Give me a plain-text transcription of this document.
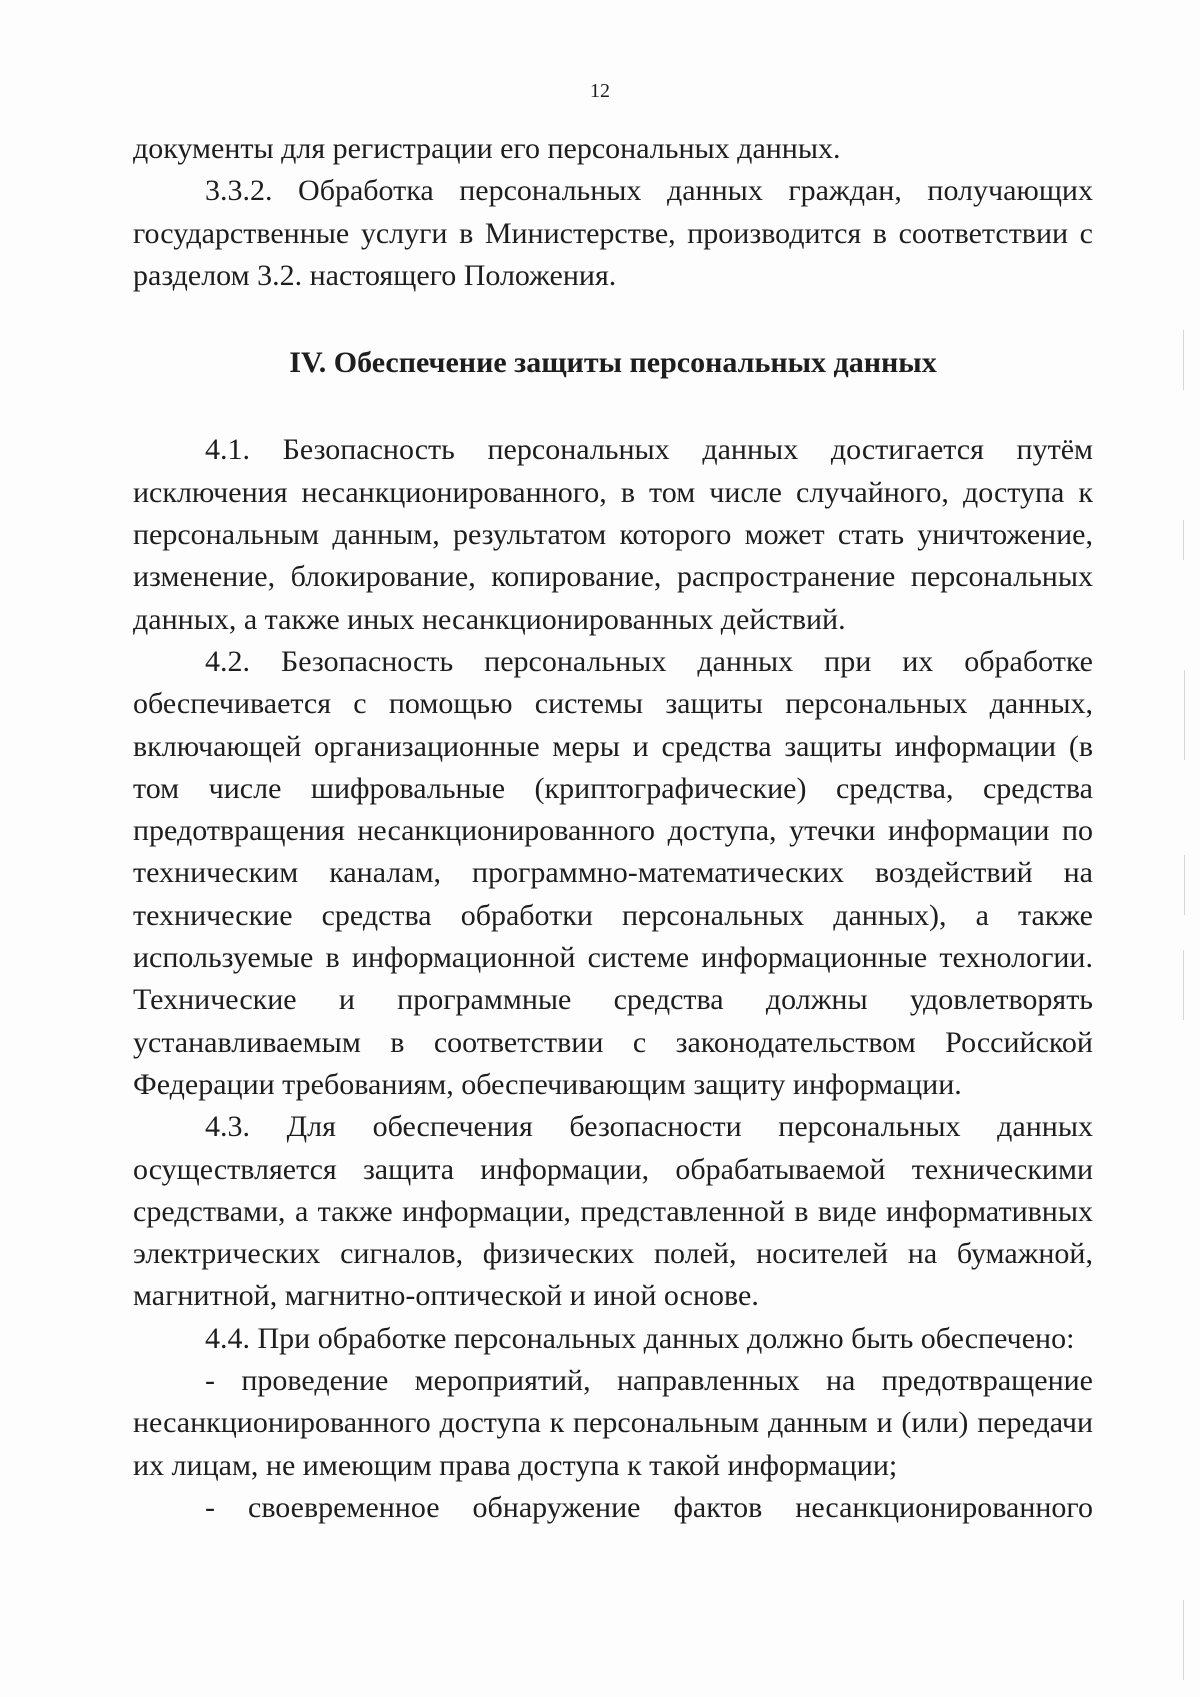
12

документы для регистрации его персональных данных.

3.3.2. Обработка персональных данных граждан, получающих государственные услуги в Министерстве, производится в соответствии с разделом 3.2. настоящего Положения.

IV. Обеспечение защиты персональных данных

4.1. Безопасность персональных данных достигается путём исключения несанкционированного, в том числе случайного, доступа к персональным данным, результатом которого может стать уничтожение, изменение, блокирование, копирование, распространение персональных данных, а также иных несанкционированных действий.

4.2. Безопасность персональных данных при их обработке обеспечивается с помощью системы защиты персональных данных, включающей организационные меры и средства защиты информации (в том числе шифровальные (криптографические) средства, средства предотвращения несанкционированного доступа, утечки информации по техническим каналам, программно-математических воздействий на технические средства обработки персональных данных), а также используемые в информационной системе информационные технологии. Технические и программные средства должны удовлетворять устанавливаемым в соответствии с законодательством Российской Федерации требованиям, обеспечивающим защиту информации.

4.3. Для обеспечения безопасности персональных данных осуществляется защита информации, обрабатываемой техническими средствами, а также информации, представленной в виде информативных электрических сигналов, физических полей, носителей на бумажной, магнитной, магнитно-оптической и иной основе.

4.4. При обработке персональных данных должно быть обеспечено:

- проведение мероприятий, направленных на предотвращение несанкционированного доступа к персональным данным и (или) передачи их лицам, не имеющим права доступа к такой информации;

- своевременное обнаружение фактов несанкционированного
